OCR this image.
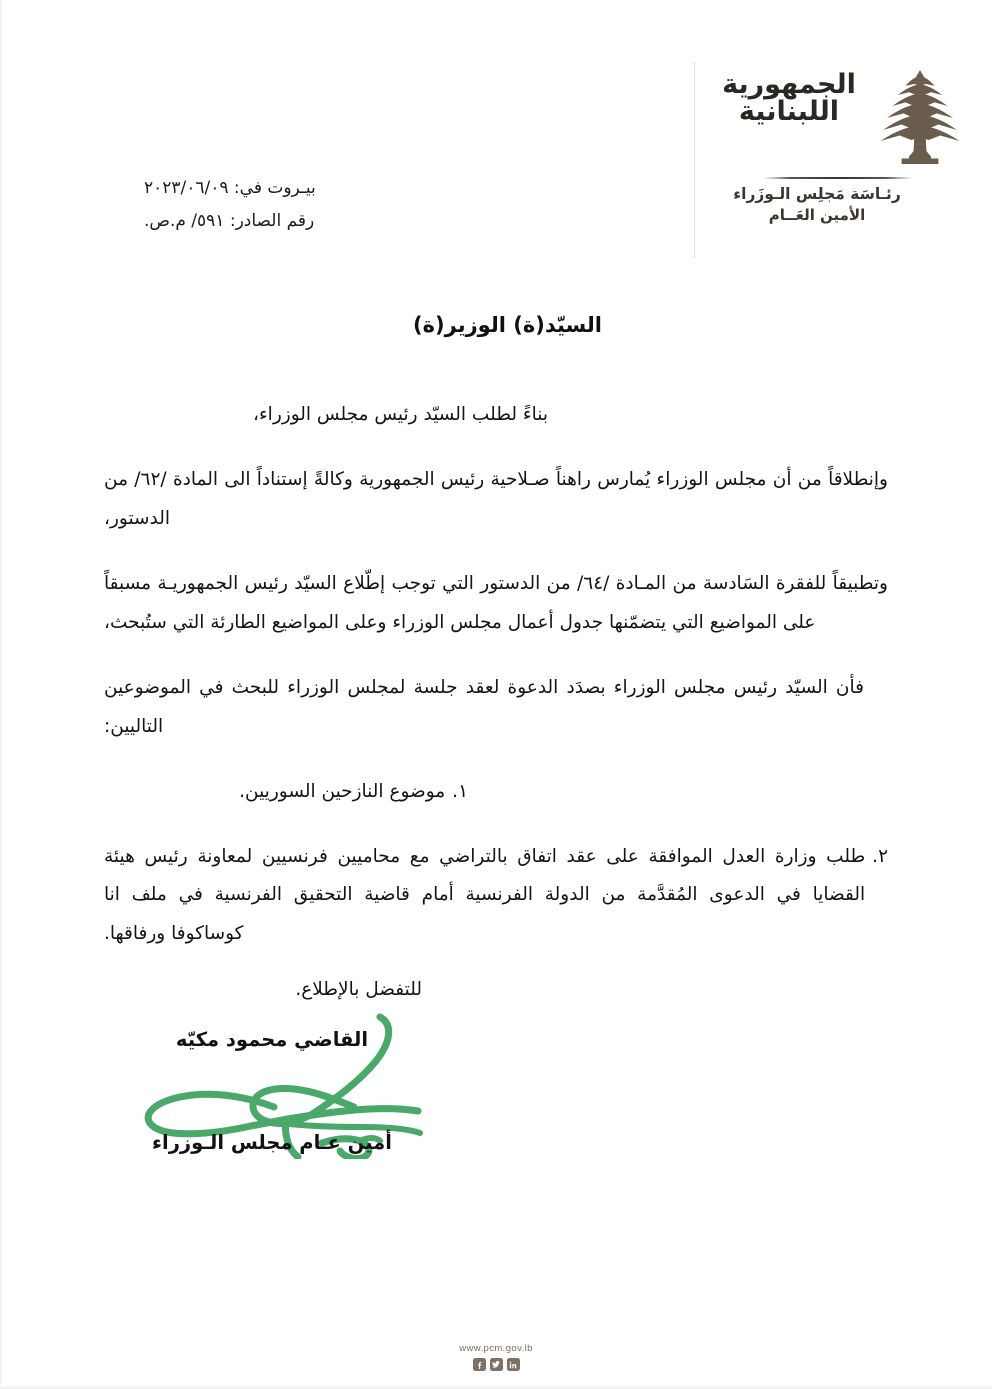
الجمهورية
اللبنانية
رئـاسَة مَجلِس الـوزَراء
الأمين العَــام
بيـروت في: ٢٠٢٣/٠٦/٠٩
رقم الصادر: ٥٩١/ م.ص.
السيّد(ة) الوزير(ة)

بناءً لطلب السيّد رئيس مجلس الوزراء،

وإنطلاقاً من أن مجلس الوزراء يُمارس راهناً صـلاحية رئيس الجمهورية وكالةً إستناداً الى المادة /٦٢/ من الدستور،

وتطبيقاً للفقرة السَادسة من المـادة /٦٤/ من الدستور التي توجب إطّلاع السيّد رئيس الجمهوريـة مسبقاً على المواضيع التي يتضمّنها جدول أعمال مجلس الوزراء وعلى المواضيع الطارئة التي ستُبحث،

فأن السيّد رئيس مجلس الوزراء بصدَد الدعوة لعقد جلسة لمجلس الوزراء للبحث في الموضوعين التاليين:

١.
موضوع النازحين السوريين.
٢.
طلب وزارة العدل الموافقة على عقد اتفاق بالتراضي مع محاميين فرنسيين لمعاونة رئيس هيئة القضايا في الدعوى المُقدَّمة من الدولة الفرنسية أمام قاضية التحقيق الفرنسية في ملف انا كوساكوفا ورفاقها.
للتفضل بالإطلاع.
القاضي محمود مكيّه
أمين عـام مجلس الـوزراء
www.pcm.gov.lb
